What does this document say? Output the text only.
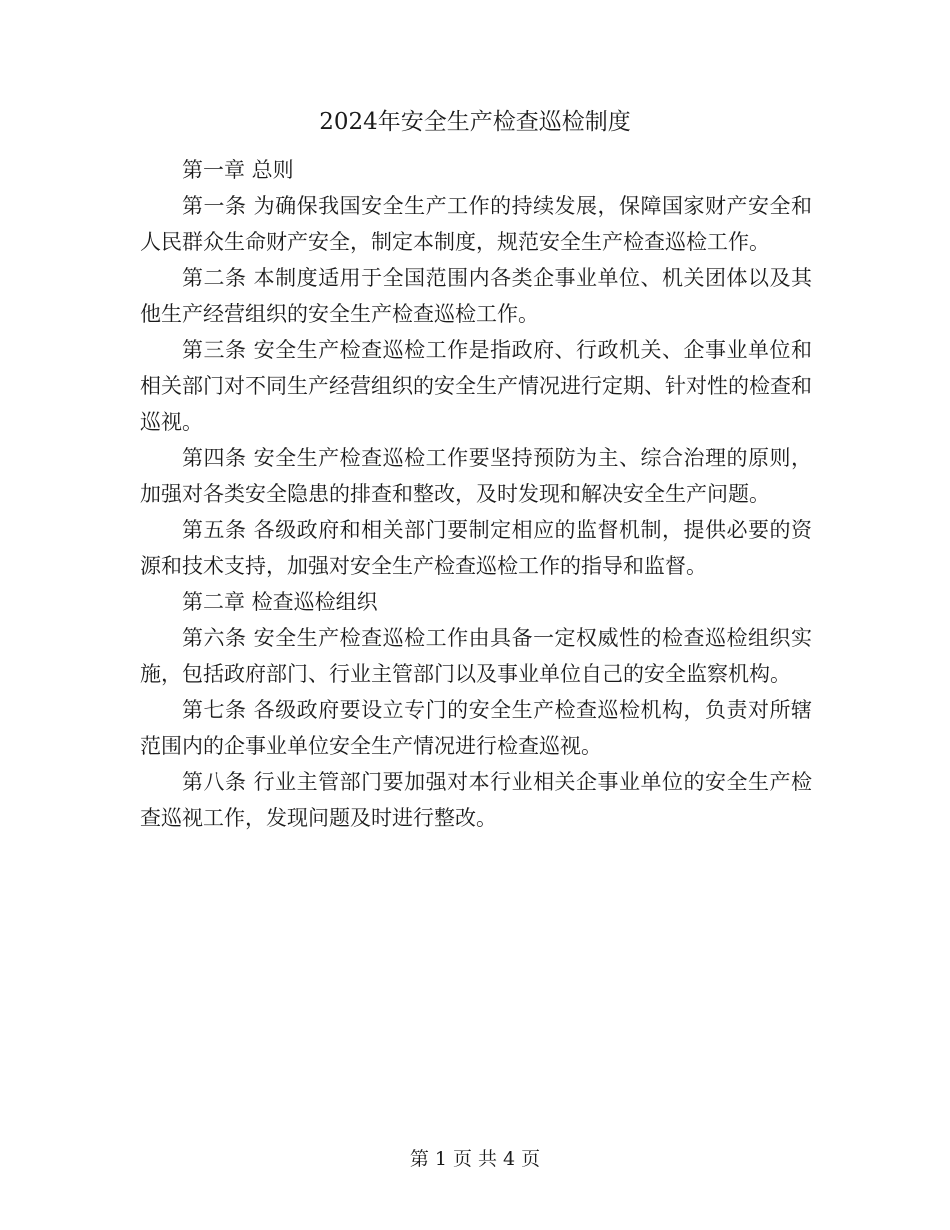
2024年安全生产检查巡检制度

第一章 总则

第一条 为确保我国安全生产工作的持续发展，保障国家财产安全和人民群众生命财产安全，制定本制度，规范安全生产检查巡检工作。

第二条 本制度适用于全国范围内各类企事业单位、机关团体以及其他生产经营组织的安全生产检查巡检工作。

第三条 安全生产检查巡检工作是指政府、行政机关、企事业单位和相关部门对不同生产经营组织的安全生产情况进行定期、针对性的检查和巡视。

第四条 安全生产检查巡检工作要坚持预防为主、综合治理的原则，加强对各类安全隐患的排查和整改，及时发现和解决安全生产问题。

第五条 各级政府和相关部门要制定相应的监督机制，提供必要的资源和技术支持，加强对安全生产检查巡检工作的指导和监督。

第二章 检查巡检组织

第六条 安全生产检查巡检工作由具备一定权威性的检查巡检组织实施，包括政府部门、行业主管部门以及事业单位自己的安全监察机构。

第七条 各级政府要设立专门的安全生产检查巡检机构，负责对所辖范围内的企事业单位安全生产情况进行检查巡视。

第八条 行业主管部门要加强对本行业相关企事业单位的安全生产检查巡视工作，发现问题及时进行整改。

第 1 页 共 4 页
